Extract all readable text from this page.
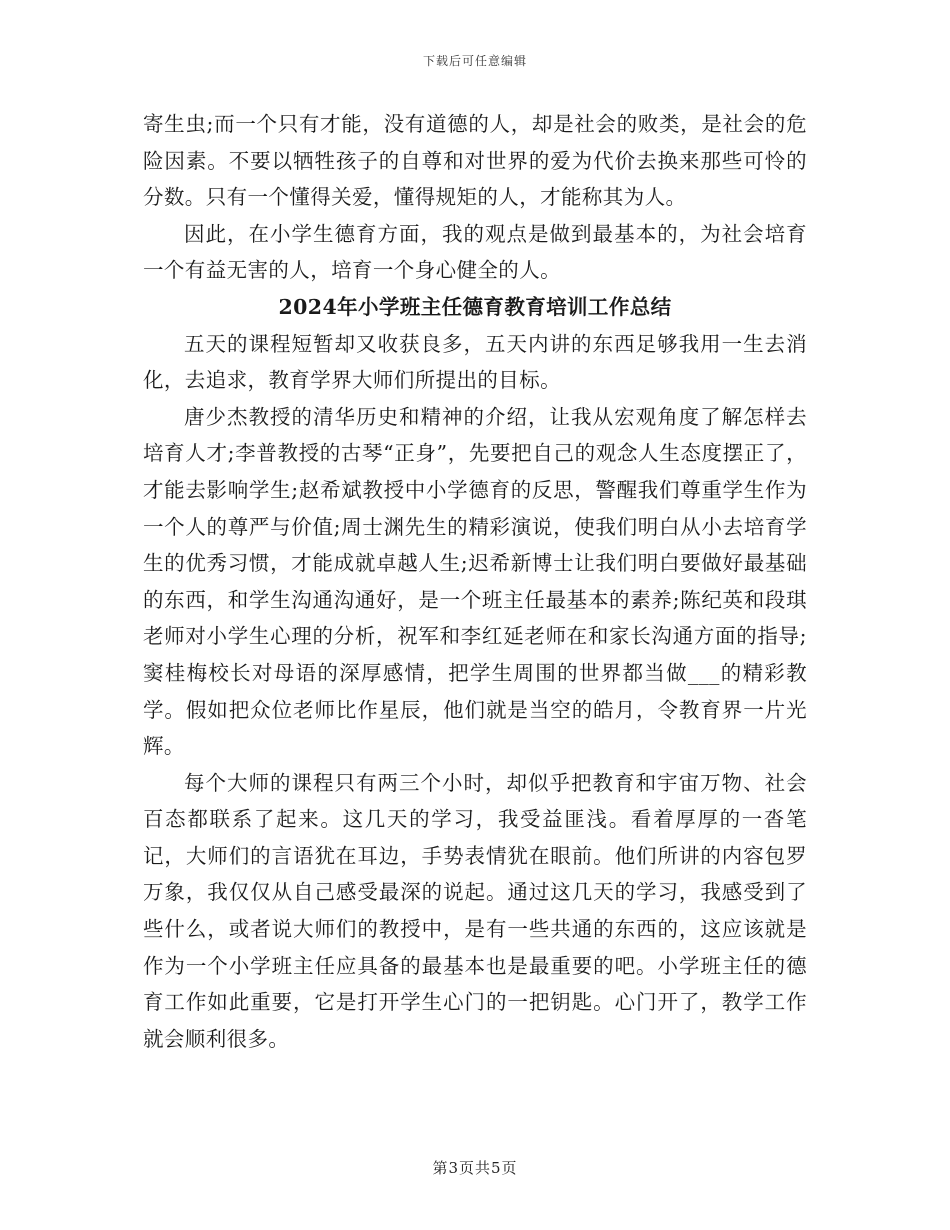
下载后可任意编辑

寄生虫;而一个只有才能，没有道德的人，却是社会的败类，是社会的危险因素。不要以牺牲孩子的自尊和对世界的爱为代价去换来那些可怜的分数。只有一个懂得关爱，懂得规矩的人，才能称其为人。

因此，在小学生德育方面，我的观点是做到最基本的，为社会培育一个有益无害的人，培育一个身心健全的人。

2024年小学班主任德育教育培训工作总结

五天的课程短暂却又收获良多，五天内讲的东西足够我用一生去消化，去追求，教育学界大师们所提出的目标。

唐少杰教授的清华历史和精神的介绍，让我从宏观角度了解怎样去培育人才;李普教授的古琴“正身”，先要把自己的观念人生态度摆正了，才能去影响学生;赵希斌教授中小学德育的反思，警醒我们尊重学生作为一个人的尊严与价值;周士渊先生的精彩演说，使我们明白从小去培育学生的优秀习惯，才能成就卓越人生;迟希新博士让我们明白要做好最基础的东西，和学生沟通沟通好，是一个班主任最基本的素养;陈纪英和段琪老师对小学生心理的分析，祝军和李红延老师在和家长沟通方面的指导;窦桂梅校长对母语的深厚感情，把学生周围的世界都当做___的精彩教学。假如把众位老师比作星辰，他们就是当空的皓月，令教育界一片光辉。

每个大师的课程只有两三个小时，却似乎把教育和宇宙万物、社会百态都联系了起来。这几天的学习，我受益匪浅。看着厚厚的一沓笔记，大师们的言语犹在耳边，手势表情犹在眼前。他们所讲的内容包罗万象，我仅仅从自己感受最深的说起。通过这几天的学习，我感受到了些什么，或者说大师们的教授中，是有一些共通的东西的，这应该就是作为一个小学班主任应具备的最基本也是最重要的吧。小学班主任的德育工作如此重要，它是打开学生心门的一把钥匙。心门开了，教学工作就会顺利很多。

第3页共5页
